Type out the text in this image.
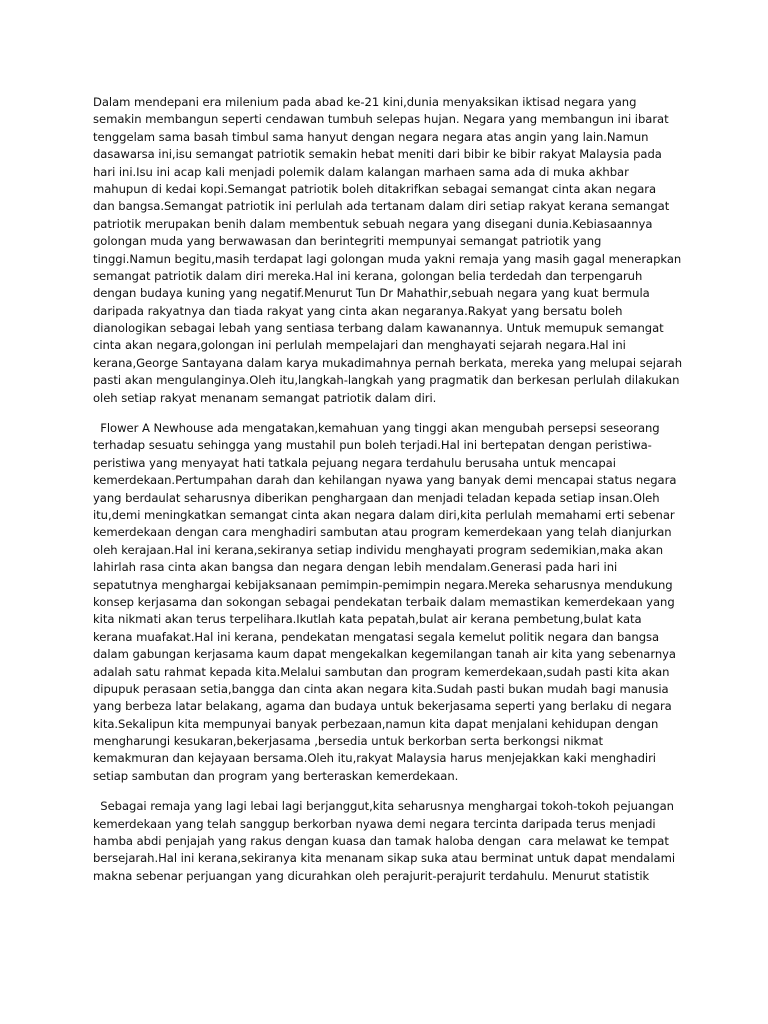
Dalam mendepani era milenium pada abad ke-21 kini,dunia menyaksikan iktisad negara yang
semakin membangun seperti cendawan tumbuh selepas hujan. Negara yang membangun ini ibarat
tenggelam sama basah timbul sama hanyut dengan negara negara atas angin yang lain.Namun
dasawarsa ini,isu semangat patriotik semakin hebat meniti dari bibir ke bibir rakyat Malaysia pada
hari ini.Isu ini acap kali menjadi polemik dalam kalangan marhaen sama ada di muka akhbar
mahupun di kedai kopi.Semangat patriotik boleh ditakrifkan sebagai semangat cinta akan negara
dan bangsa.Semangat patriotik ini perlulah ada tertanam dalam diri setiap rakyat kerana semangat
patriotik merupakan benih dalam membentuk sebuah negara yang disegani dunia.Kebiasaannya
golongan muda yang berwawasan dan berintegriti mempunyai semangat patriotik yang
tinggi.Namun begitu,masih terdapat lagi golongan muda yakni remaja yang masih gagal menerapkan
semangat patriotik dalam diri mereka.Hal ini kerana, golongan belia terdedah dan terpengaruh
dengan budaya kuning yang negatif.Menurut Tun Dr Mahathir,sebuah negara yang kuat bermula
daripada rakyatnya dan tiada rakyat yang cinta akan negaranya.Rakyat yang bersatu boleh
dianologikan sebagai lebah yang sentiasa terbang dalam kawanannya. Untuk memupuk semangat
cinta akan negara,golongan ini perlulah mempelajari dan menghayati sejarah negara.Hal ini
kerana,George Santayana dalam karya mukadimahnya pernah berkata, mereka yang melupai sejarah
pasti akan mengulanginya.Oleh itu,langkah-langkah yang pragmatik dan berkesan perlulah dilakukan
oleh setiap rakyat menanam semangat patriotik dalam diri.
Flower A Newhouse ada mengatakan,kemahuan yang tinggi akan mengubah persepsi seseorang
terhadap sesuatu sehingga yang mustahil pun boleh terjadi.Hal ini bertepatan dengan peristiwa-
peristiwa yang menyayat hati tatkala pejuang negara terdahulu berusaha untuk mencapai
kemerdekaan.Pertumpahan darah dan kehilangan nyawa yang banyak demi mencapai status negara
yang berdaulat seharusnya diberikan penghargaan dan menjadi teladan kepada setiap insan.Oleh
itu,demi meningkatkan semangat cinta akan negara dalam diri,kita perlulah memahami erti sebenar
kemerdekaan dengan cara menghadiri sambutan atau program kemerdekaan yang telah dianjurkan
oleh kerajaan.Hal ini kerana,sekiranya setiap individu menghayati program sedemikian,maka akan
lahirlah rasa cinta akan bangsa dan negara dengan lebih mendalam.Generasi pada hari ini
sepatutnya menghargai kebijaksanaan pemimpin-pemimpin negara.Mereka seharusnya mendukung
konsep kerjasama dan sokongan sebagai pendekatan terbaik dalam memastikan kemerdekaan yang
kita nikmati akan terus terpelihara.Ikutlah kata pepatah,bulat air kerana pembetung,bulat kata
kerana muafakat.Hal ini kerana, pendekatan mengatasi segala kemelut politik negara dan bangsa
dalam gabungan kerjasama kaum dapat mengekalkan kegemilangan tanah air kita yang sebenarnya
adalah satu rahmat kepada kita.Melalui sambutan dan program kemerdekaan,sudah pasti kita akan
dipupuk perasaan setia,bangga dan cinta akan negara kita.Sudah pasti bukan mudah bagi manusia
yang berbeza latar belakang, agama dan budaya untuk bekerjasama seperti yang berlaku di negara
kita.Sekalipun kita mempunyai banyak perbezaan,namun kita dapat menjalani kehidupan dengan
mengharungi kesukaran,bekerjasama ,bersedia untuk berkorban serta berkongsi nikmat
kemakmuran dan kejayaan bersama.Oleh itu,rakyat Malaysia harus menjejakkan kaki menghadiri
setiap sambutan dan program yang berteraskan kemerdekaan.
Sebagai remaja yang lagi lebai lagi berjanggut,kita seharusnya menghargai tokoh-tokoh pejuangan
kemerdekaan yang telah sanggup berkorban nyawa demi negara tercinta daripada terus menjadi
hamba abdi penjajah yang rakus dengan kuasa dan tamak haloba dengan  cara melawat ke tempat
bersejarah.Hal ini kerana,sekiranya kita menanam sikap suka atau berminat untuk dapat mendalami
makna sebenar perjuangan yang dicurahkan oleh perajurit-perajurit terdahulu. Menurut statistik
